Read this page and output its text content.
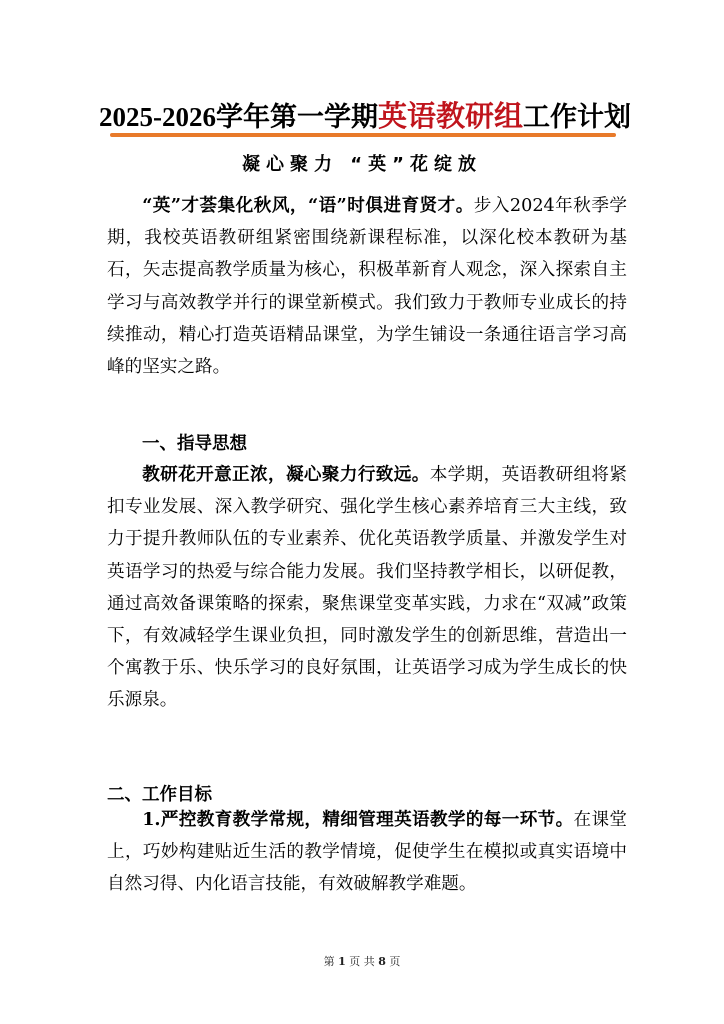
2025-2026学年第一学期英语教研组工作计划
凝心聚力 “英”花绽放

“英”才荟集化秋风，“语”时俱进育贤才。步入2024年秋季学期，我校英语教研组紧密围绕新课程标准，以深化校本教研为基石，矢志提高教学质量为核心，积极革新育人观念，深入探索自主学习与高效教学并行的课堂新模式。我们致力于教师专业成长的持续推动，精心打造英语精品课堂，为学生铺设一条通往语言学习高峰的坚实之路。

一、指导思想

教研花开意正浓，凝心聚力行致远。本学期，英语教研组将紧扣专业发展、深入教学研究、强化学生核心素养培育三大主线，致力于提升教师队伍的专业素养、优化英语教学质量、并激发学生对英语学习的热爱与综合能力发展。我们坚持教学相长，以研促教，通过高效备课策略的探索，聚焦课堂变革实践，力求在“双减”政策下，有效减轻学生课业负担，同时激发学生的创新思维，营造出一个寓教于乐、快乐学习的良好氛围，让英语学习成为学生成长的快乐源泉。

二、工作目标

1.严控教育教学常规，精细管理英语教学的每一环节。在课堂上，巧妙构建贴近生活的教学情境，促使学生在模拟或真实语境中自然习得、内化语言技能，有效破解教学难题。

第 1 页 共 8 页
